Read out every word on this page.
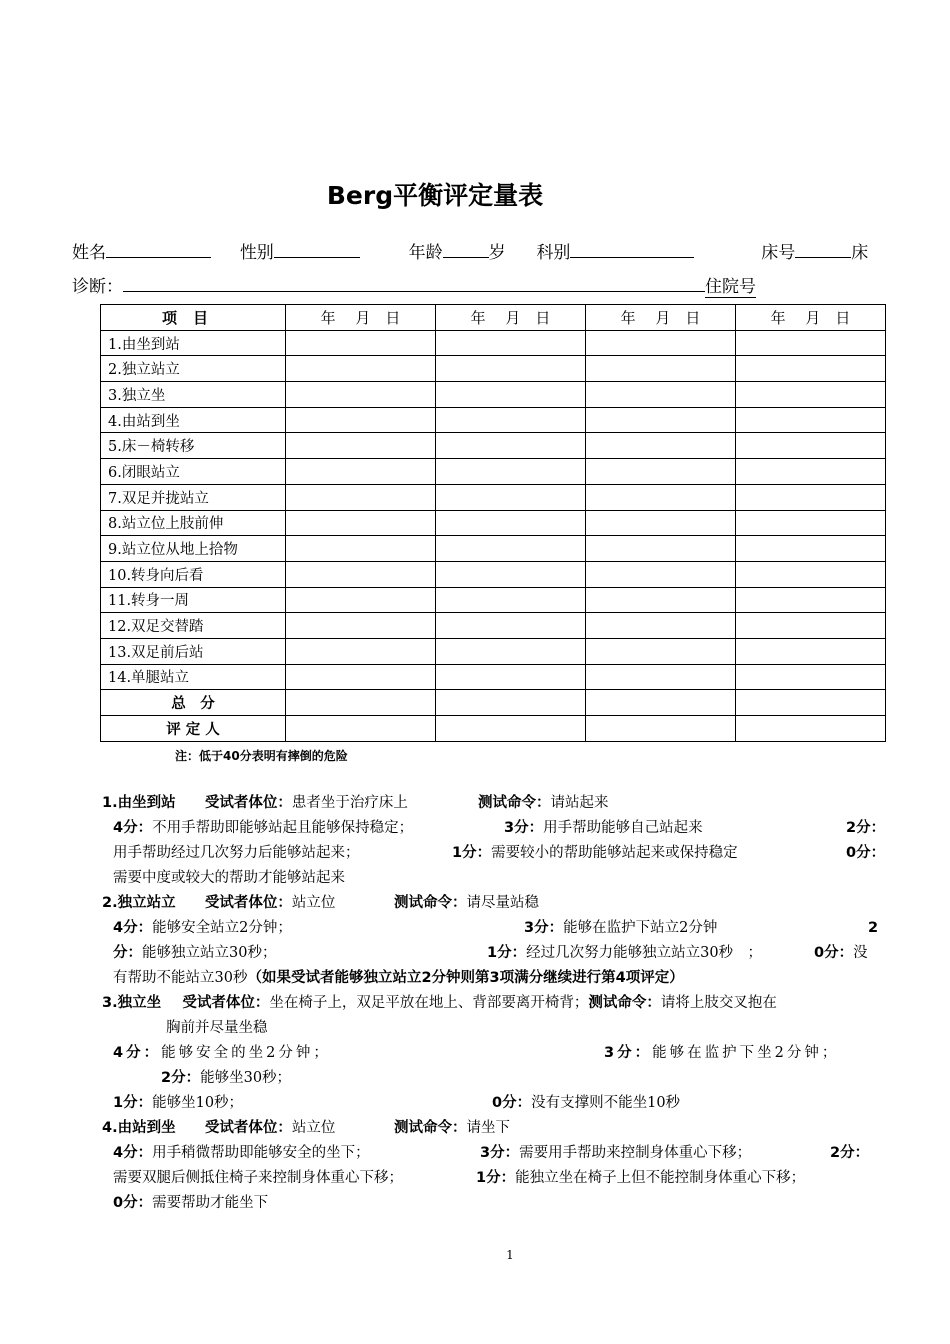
Berg平衡评定量表
姓名	性别	年龄	岁 科别	床号	床
诊断：	住院号
项目	年　 月　日	年　 月　日	年　 月　日	年　 月　日
1.由坐到站				
2.独立站立				
3.独立坐				
4.由站到坐				
5.床－椅转移				
6.闭眼站立				
7.双足并拢站立				
8.站立位上肢前伸				
9.站立位从地上拾物				
10.转身向后看				
11.转身一周				
12.双足交替踏				
13.双足前后站				
14.单腿站立				
总　分				
评 定 人				
注：低于40分表明有摔倒的危险
1.由坐到站 受试者体位：患者坐于治疗床上	测试命令：请站起来
4分：不用手帮助即能够站起且能够保持稳定；	3分：用手帮助能够自己站起来	2分：
用手帮助经过几次努力后能够站起来；	1分：需要较小的帮助能够站起来或保持稳定	0分：
需要中度或较大的帮助才能够站起来
2.独立站立 受试者体位：站立位	测试命令：请尽量站稳
4分：能够安全站立2分钟；	3分：能够在监护下站立2分钟	2
分：能够独立站立30秒；	1分：经过几次努力能够独立站立30秒　；	0分：没
有帮助不能站立30秒（如果受试者能够独立站立2分钟则第3项满分继续进行第4项评定）
3.独立坐 受试者体位：坐在椅子上，双足平放在地上、背部要离开椅背；测试命令：请将上肢交叉抱在
胸前并尽量坐稳
4分：能够安全的坐2分钟；	3分：能够在监护下坐2分钟；
2分：能够坐30秒；
1分：能够坐10秒；	0分：没有支撑则不能坐10秒
4.由站到坐 受试者体位：站立位	测试命令：请坐下
4分：用手稍微帮助即能够安全的坐下；	3分：需要用手帮助来控制身体重心下移；	2分：
需要双腿后侧抵住椅子来控制身体重心下移；	1分：能独立坐在椅子上但不能控制身体重心下移；
0分：需要帮助才能坐下
1
